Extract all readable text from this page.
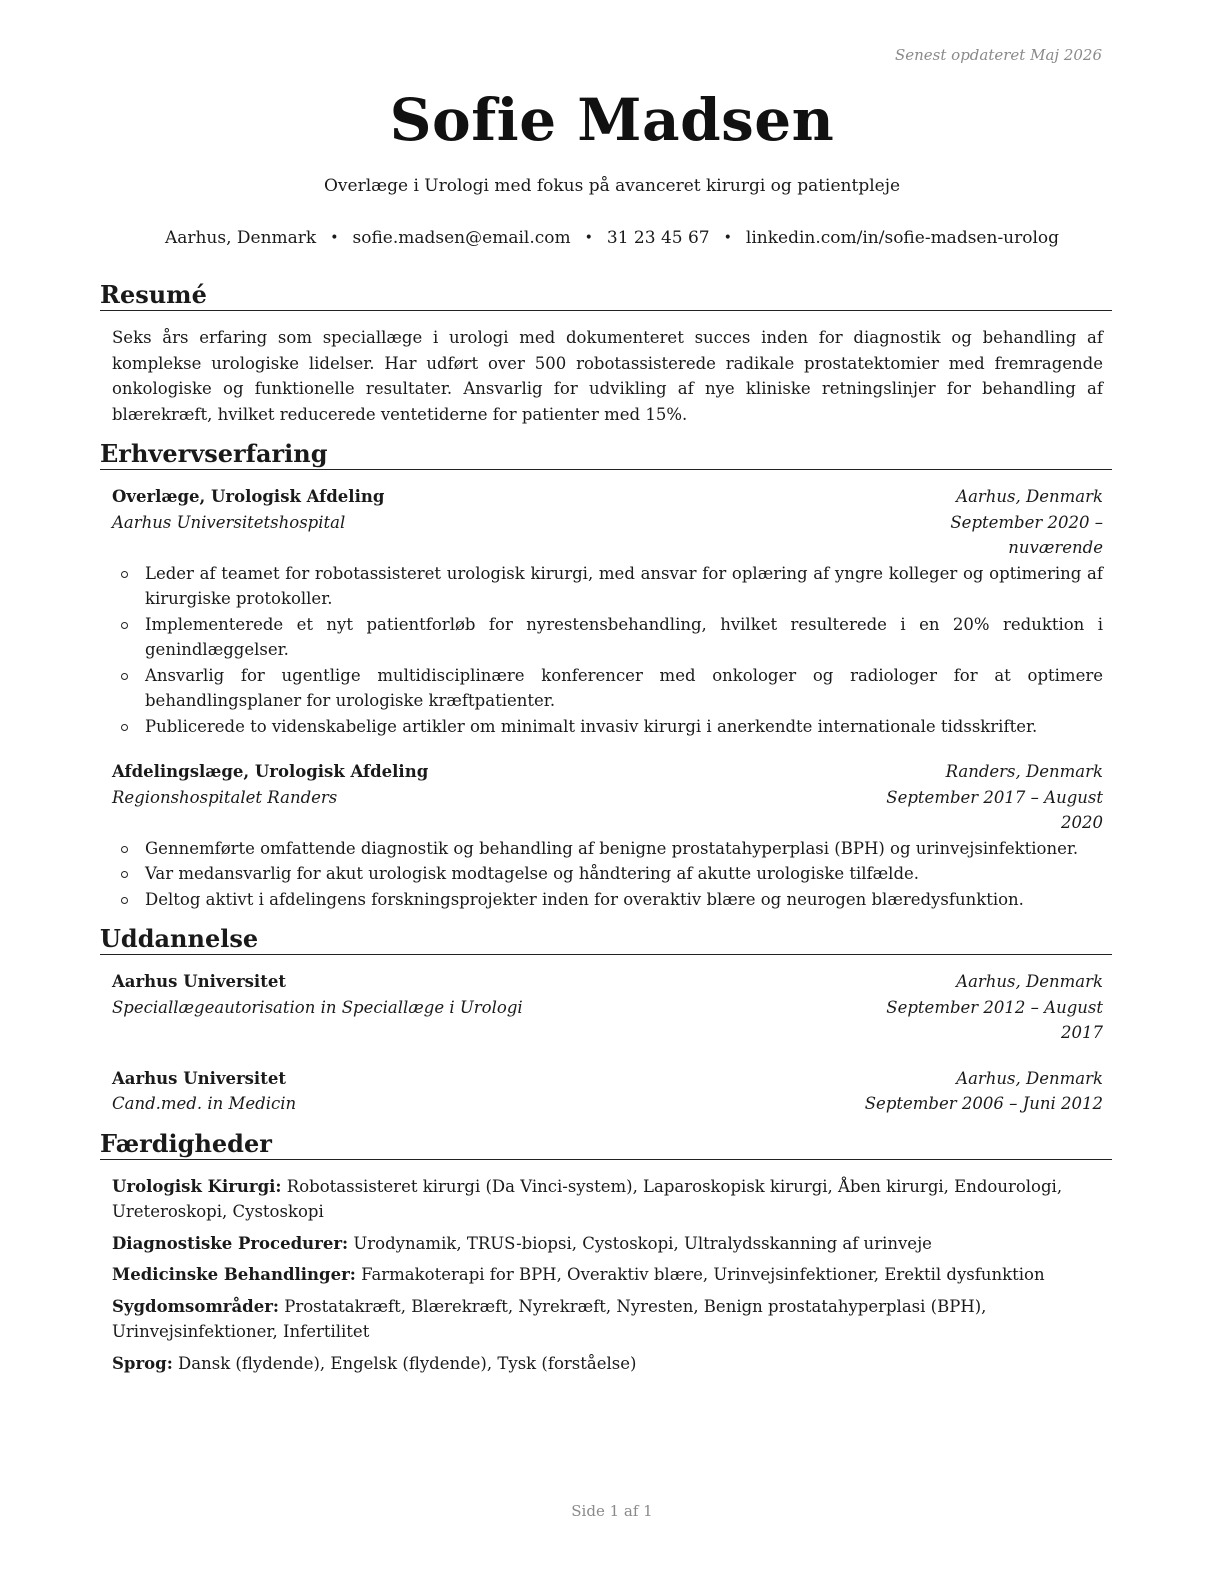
Senest opdateret Maj 2026
Sofie Madsen
Overlæge i Urologi med fokus på avanceret kirurgi og patientpleje
Aarhus, Denmark • sofie.madsen@email.com • 31 23 45 67 • linkedin.com/in/sofie-madsen-urolog
Resumé
Seks års erfaring som speciallæge i urologi med dokumenteret succes inden for diagnostik og behandling af komplekse urologiske lidelser. Har udført over 500 robotassisterede radikale prostatektomier med fremragende onkologiske og funktionelle resultater. Ansvarlig for udvikling af nye kliniske retningslinjer for behandling af blærekræft, hvilket reducerede ventetiderne for patienter med 15%.
Erhvervserfaring
Overlæge, Urologisk Afdeling	Aarhus, Denmark
Aarhus Universitetshospital	September 2020 – nuværende
Leder af teamet for robotassisteret urologisk kirurgi, med ansvar for oplæring af yngre kolleger og optimering af kirurgiske protokoller.
Implementerede et nyt patientforløb for nyrestensbehandling, hvilket resulterede i en 20% reduktion i genindlæggelser.
Ansvarlig for ugentlige multidisciplinære konferencer med onkologer og radiologer for at optimere behandlingsplaner for urologiske kræftpatienter.
Publicerede to videnskabelige artikler om minimalt invasiv kirurgi i anerkendte internationale tidsskrifter.
Afdelingslæge, Urologisk Afdeling	Randers, Denmark
Regionshospitalet Randers	September 2017 – August 2020
Gennemførte omfattende diagnostik og behandling af benigne prostatahyperplasi (BPH) og urinvejsinfektioner.
Var medansvarlig for akut urologisk modtagelse og håndtering af akutte urologiske tilfælde.
Deltog aktivt i afdelingens forskningsprojekter inden for overaktiv blære og neurogen blæredysfunktion.
Uddannelse
Aarhus Universitet	Aarhus, Denmark
Speciallægeautorisation in Speciallæge i Urologi	September 2012 – August 2017
Aarhus Universitet	Aarhus, Denmark
Cand.med. in Medicin	September 2006 – Juni 2012
Færdigheder
Urologisk Kirurgi: Robotassisteret kirurgi (Da Vinci-system), Laparoskopisk kirurgi, Åben kirurgi, Endourologi, Ureteroskopi, Cystoskopi
Diagnostiske Procedurer: Urodynamik, TRUS-biopsi, Cystoskopi, Ultralydsskanning af urinveje
Medicinske Behandlinger: Farmakoterapi for BPH, Overaktiv blære, Urinvejsinfektioner, Erektil dysfunktion
Sygdomsområder: Prostatakræft, Blærekræft, Nyrekræft, Nyresten, Benign prostatahyperplasi (BPH), Urinvejsinfektioner, Infertilitet
Sprog: Dansk (flydende), Engelsk (flydende), Tysk (forståelse)
Side 1 af 1
